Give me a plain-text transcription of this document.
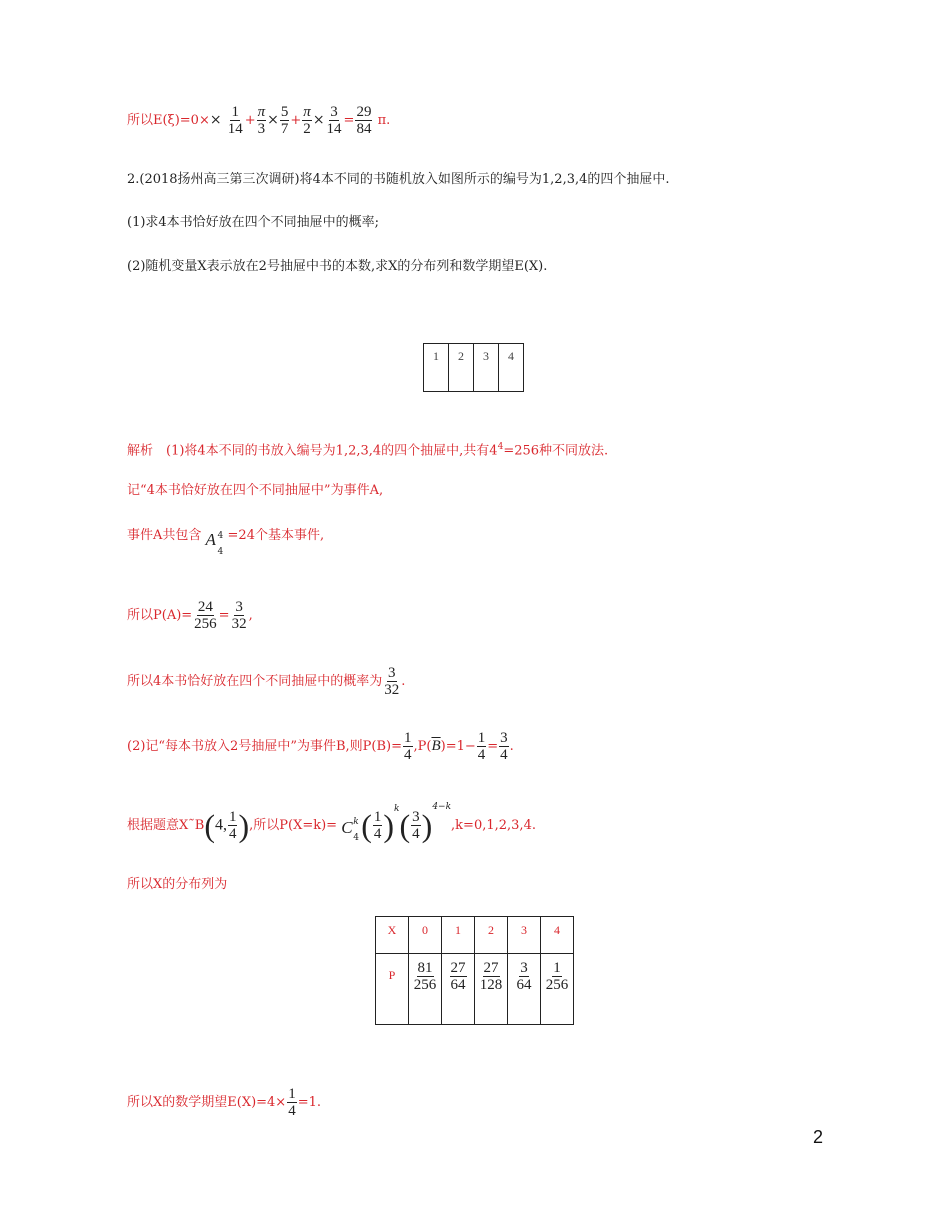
所以$E(\xi)=0\times\times \frac{1}{14} + \frac{\pi}{3} \times \frac{5}{7} + \frac{\pi}{2} \times \frac{3}{14} = \frac{29}{84} \pi$.
2.(2018扬州高三第三次调研)将4本不同的书随机放入如图所示的编号为1,2,3,4的四个抽屉中.
(1)求4本书恰好放在四个不同抽屉中的概率;
(2)随机变量X表示放在2号抽屉中书的本数,求X的分布列和数学期望E(X).
1	2	3	4
解析　(1)将4本不同的书放入编号为1,2,3,4的四个抽屉中,共有$4^4=256$种不同放法.
记“4本书恰好放在四个不同抽屉中”为事件A,
事件A共包含 A 4
4
=24个基本事件,
所以$P(A)= \frac{24}{256} = \frac{3}{32}$ ,
所以4本书恰好放在四个不同抽屉中的概率为 $\frac{3}{32}$ .
(2)记“每本书放入2号抽屉中”为事件B,则$P(B)= \frac{1}{4} ,P(\overline{B})=1- \frac{1}{4} = \frac{3}{4}$ .
根据题意X˜B(4, $\frac{1}{4}$ ),所以P(X=k)= C k
4 ( $\frac{1}{4} )^k( \frac{3}{4} )^{4-k},k=0,1,2,3,4$.
所以X的分布列为
X	0	1	2	3	4
P	$\frac{81}{256}$	$\frac{27}{64}$	$\frac{27}{128}$	$\frac{3}{64}$	$\frac{1}{256}$
所以X的数学期望$E(X)=4\times \frac{1}{4} =1$.
2
